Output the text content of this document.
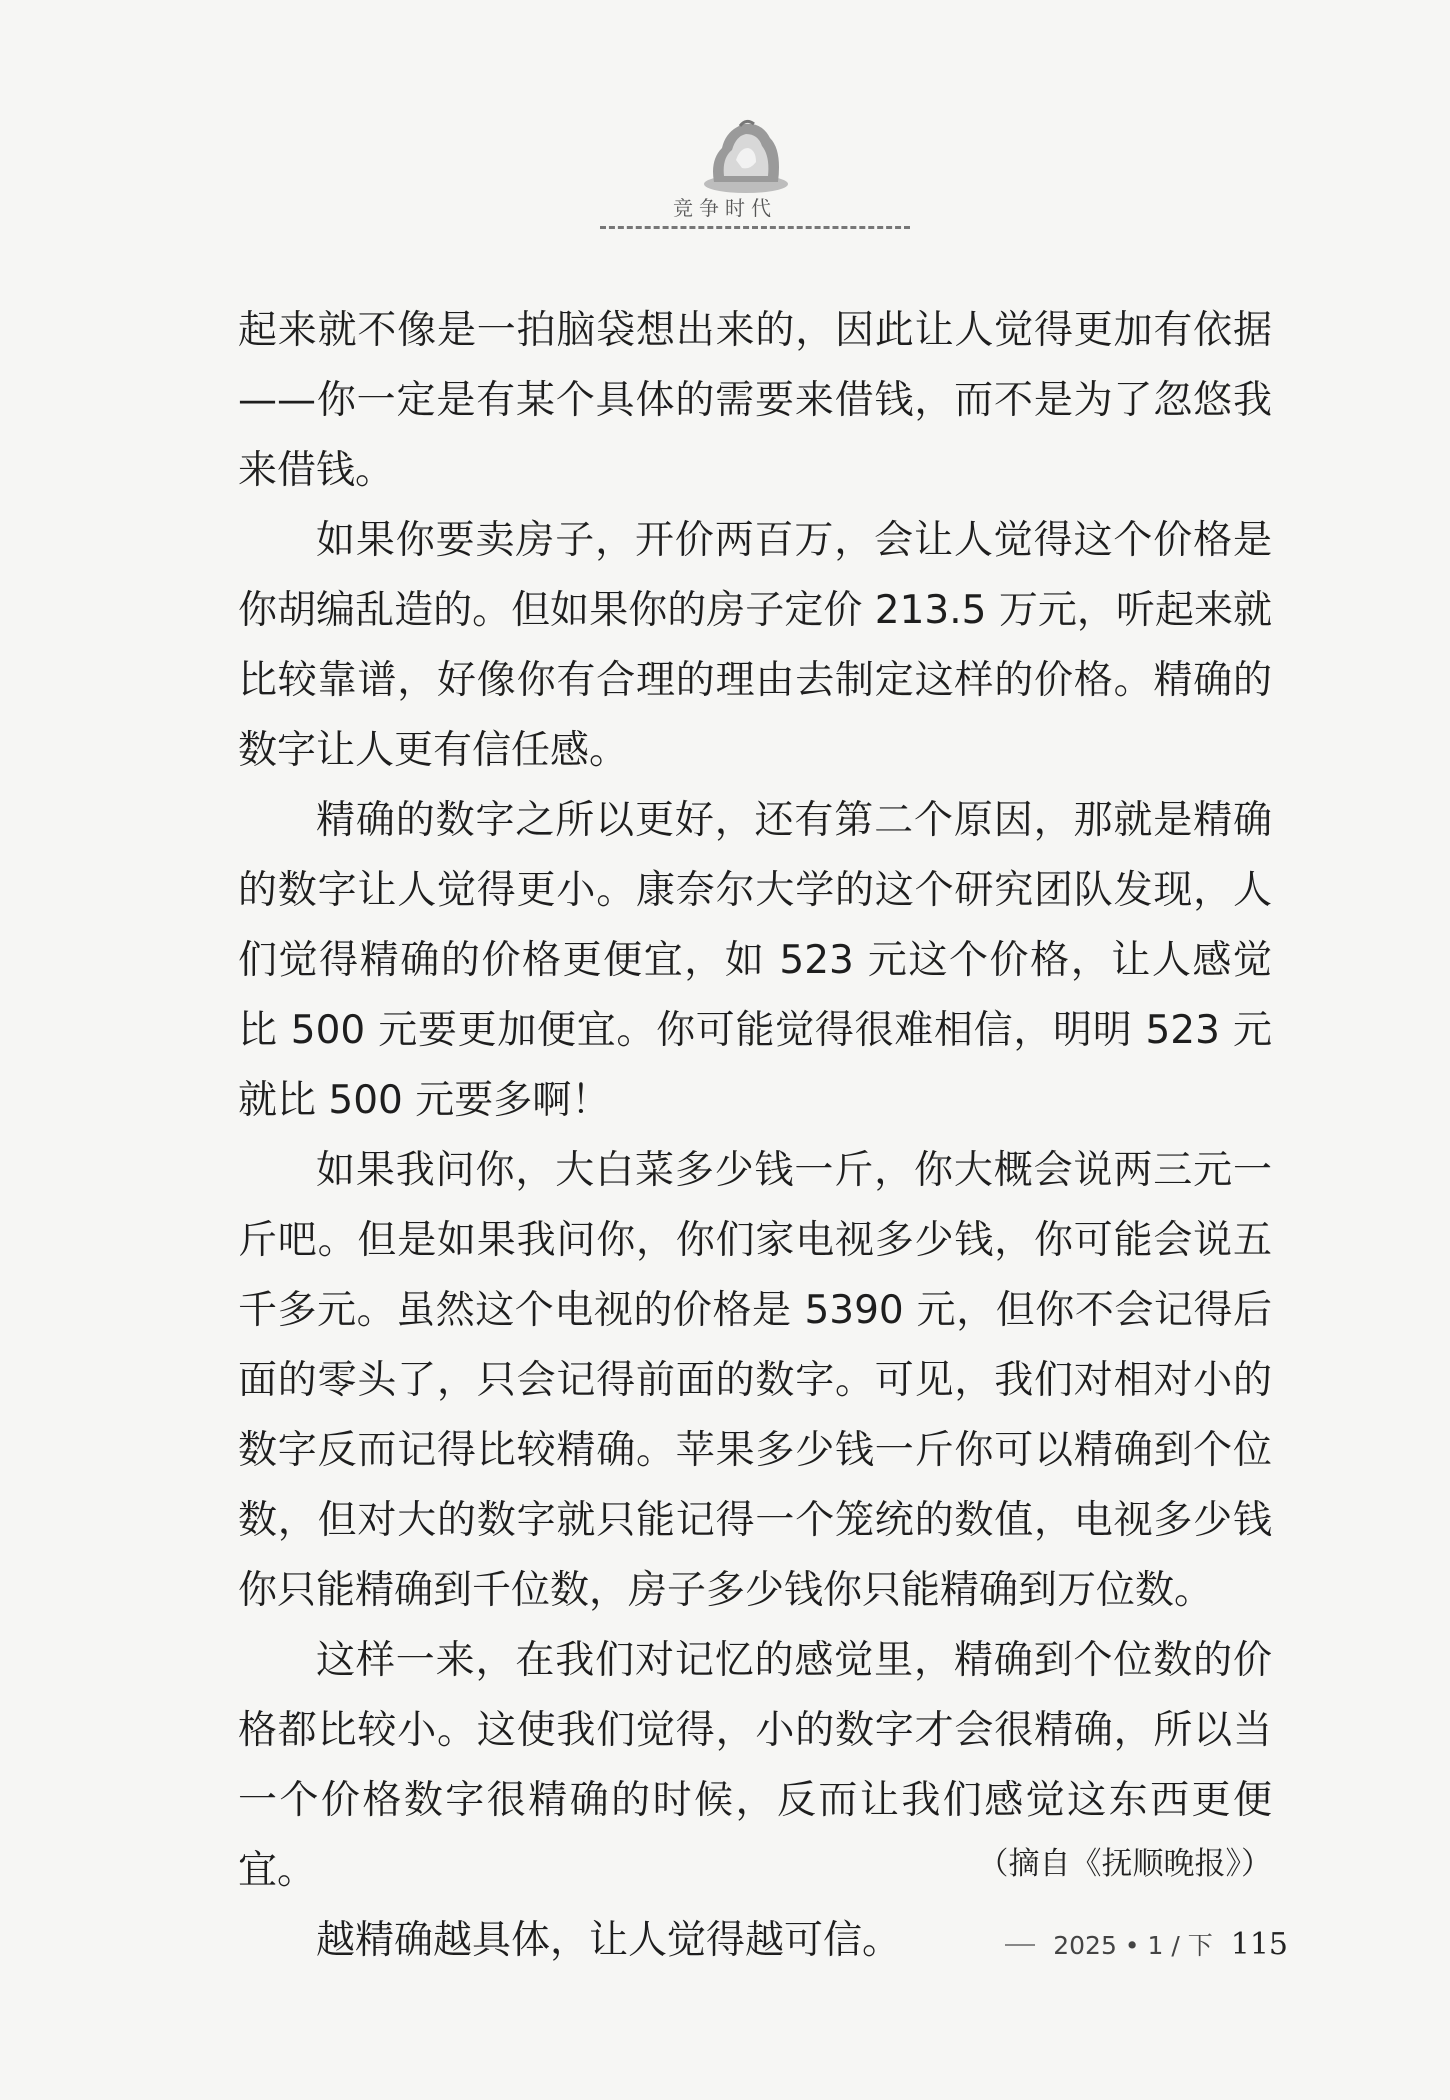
竞争时代

起来就不像是一拍脑袋想出来的，因此让人觉得更加有依据——你一定是有某个具体的需要来借钱，而不是为了忽悠我来借钱。

如果你要卖房子，开价两百万，会让人觉得这个价格是你胡编乱造的。但如果你的房子定价 213.5 万元，听起来就比较靠谱，好像你有合理的理由去制定这样的价格。精确的数字让人更有信任感。

精确的数字之所以更好，还有第二个原因，那就是精确的数字让人觉得更小。康奈尔大学的这个研究团队发现，人们觉得精确的价格更便宜，如 523 元这个价格，让人感觉比 500 元要更加便宜。你可能觉得很难相信，明明 523 元就比 500 元要多啊！

如果我问你，大白菜多少钱一斤，你大概会说两三元一斤吧。但是如果我问你，你们家电视多少钱，你可能会说五千多元。虽然这个电视的价格是 5390 元，但你不会记得后面的零头了，只会记得前面的数字。可见，我们对相对小的数字反而记得比较精确。苹果多少钱一斤你可以精确到个位数，但对大的数字就只能记得一个笼统的数值，电视多少钱你只能精确到千位数，房子多少钱你只能精确到万位数。

这样一来，在我们对记忆的感觉里，精确到个位数的价格都比较小。这使我们觉得，小的数字才会很精确，所以当一个价格数字很精确的时候，反而让我们感觉这东西更便宜。

越精确越具体，让人觉得越可信。

（摘自《抚顺晚报》）
2025 • 1 / 下 115
